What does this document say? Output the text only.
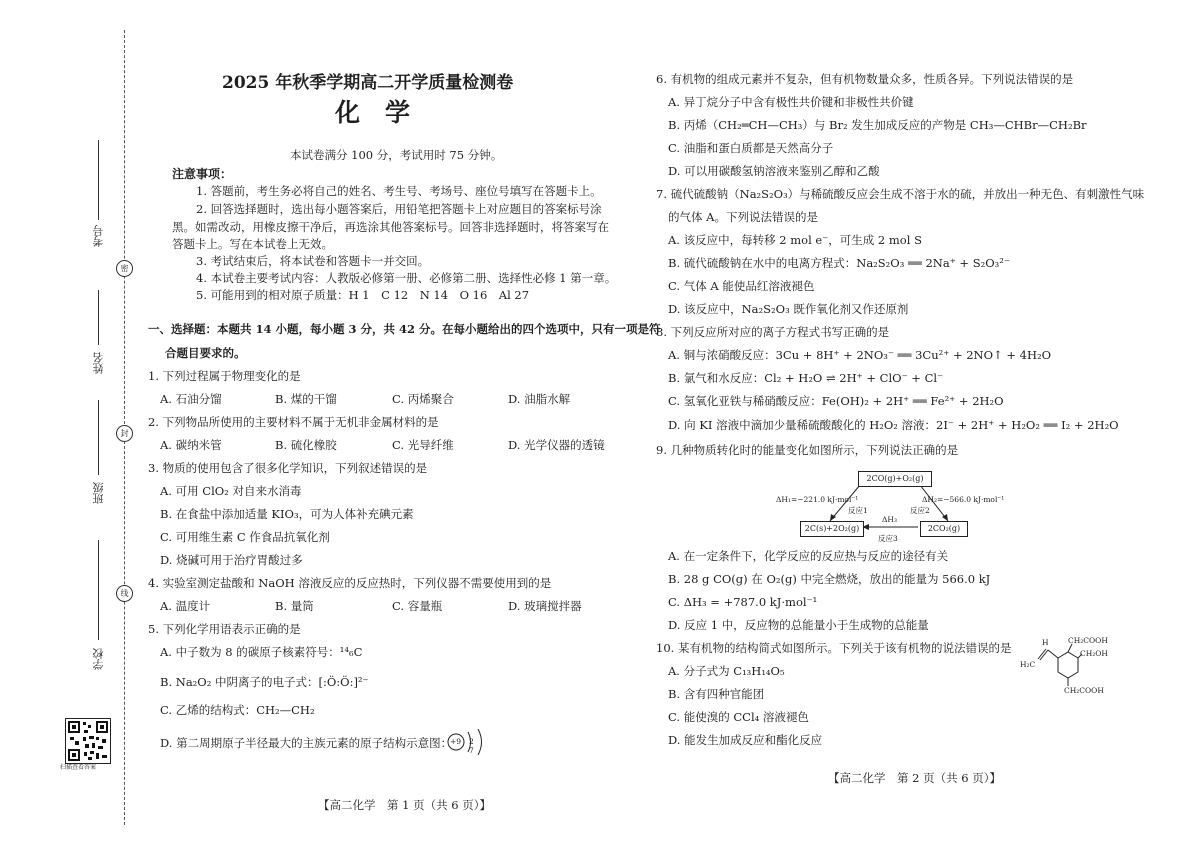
密
封
线
考号
姓名
班级
学校
扫描查看答案
2025 年秋季学期高二开学质量检测卷
化　学
本试卷满分 100 分，考试用时 75 分钟。
注意事项：
1. 答题前，考生务必将自己的姓名、考生号、考场号、座位号填写在答题卡上。
2. 回答选择题时，选出每小题答案后，用铅笔把答题卡上对应题目的答案标号涂
黑。如需改动，用橡皮擦干净后，再选涂其他答案标号。回答非选择题时，将答案写在
答题卡上。写在本试卷上无效。
3. 考试结束后，将本试卷和答题卡一并交回。
4. 本试卷主要考试内容：人教版必修第一册、必修第二册、选择性必修 1 第一章。
5. 可能用到的相对原子质量：H 1　C 12　N 14　O 16　Al 27
一、选择题：本题共 14 小题，每小题 3 分，共 42 分。在每小题给出的四个选项中，只有一项是符
合题目要求的。
1. 下列过程属于物理变化的是
A. 石油分馏	B. 煤的干馏	C. 丙烯聚合	D. 油脂水解
2. 下列物品所使用的主要材料不属于无机非金属材料的是
A. 碳纳米管	B. 硫化橡胶	C. 光导纤维	D. 光学仪器的透镜
3. 物质的使用包含了很多化学知识，下列叙述错误的是
A. 可用 ClO₂ 对自来水消毒
B. 在食盐中添加适量 KIO₃，可为人体补充碘元素
C. 可用维生素 C 作食品抗氧化剂
D. 烧碱可用于治疗胃酸过多
4. 实验室测定盐酸和 NaOH 溶液反应的反应热时，下列仪器不需要使用到的是
A. 温度计	B. 量筒	C. 容量瓶	D. 玻璃搅拌器
5. 下列化学用语表示正确的是
A. 中子数为 8 的碳原子核素符号：¹⁴₆C
B. Na₂O₂ 中阴离子的电子式：[:Ö:Ö:]²⁻
C. 乙烯的结构式：CH₂—CH₂
D. 第二周期原子半径最大的主族元素的原子结构示意图：
+9 2 7
【高二化学　第 1 页（共 6 页）】
6. 有机物的组成元素并不复杂，但有机物数量众多，性质各异。下列说法错误的是
A. 异丁烷分子中含有极性共价键和非极性共价键
B. 丙烯（CH₂═CH—CH₃）与 Br₂ 发生加成反应的产物是 CH₃—CHBr—CH₂Br
C. 油脂和蛋白质都是天然高分子
D. 可以用碳酸氢钠溶液来鉴别乙醇和乙酸
7. 硫代硫酸钠（Na₂S₂O₃）与稀硫酸反应会生成不溶于水的硫，并放出一种无色、有刺激性气味
的气体 A。下列说法错误的是
A. 该反应中，每转移 2 mol e⁻，可生成 2 mol S
B. 硫代硫酸钠在水中的电离方程式：Na₂S₂O₃ ══ 2Na⁺ + S₂O₃²⁻
C. 气体 A 能使品红溶液褪色
D. 该反应中，Na₂S₂O₃ 既作氧化剂又作还原剂
8. 下列反应所对应的离子方程式书写正确的是
A. 铜与浓硝酸反应：3Cu + 8H⁺ + 2NO₃⁻ ══ 3Cu²⁺ + 2NO↑ + 4H₂O
B. 氯气和水反应：Cl₂ + H₂O ⇌ 2H⁺ + ClO⁻ + Cl⁻
C. 氢氧化亚铁与稀硝酸反应：Fe(OH)₂ + 2H⁺ ══ Fe²⁺ + 2H₂O
D. 向 KI 溶液中滴加少量稀硫酸酸化的 H₂O₂ 溶液：2I⁻ + 2H⁺ + H₂O₂ ══ I₂ + 2H₂O
9. 几种物质转化时的能量变化如图所示，下列说法正确的是
2CO(g)+O₂(g)
2C(s)+2O₂(g)	2CO₂(g)
ΔH₁=−221.0 kJ·mol⁻¹	ΔH₂=−566.0 kJ·mol⁻¹
反应1	反应2
ΔH₃
反应3
A. 在一定条件下，化学反应的反应热与反应的途径有关
B. 28 g CO(g) 在 O₂(g) 中完全燃烧，放出的能量为 566.0 kJ
C. ΔH₃ = +787.0 kJ·mol⁻¹
D. 反应 1 中，反应物的总能量小于生成物的总能量
10. 某有机物的结构简式如图所示。下列关于该有机物的说法错误的是
A. 分子式为 C₁₃H₁₄O₅
B. 含有四种官能团
C. 能使溴的 CCl₄ 溶液褪色
D. 能发生加成反应和酯化反应
H
H₂C
CH₂COOH
CH₂OH
CH₂COOH
【高二化学　第 2 页（共 6 页）】
